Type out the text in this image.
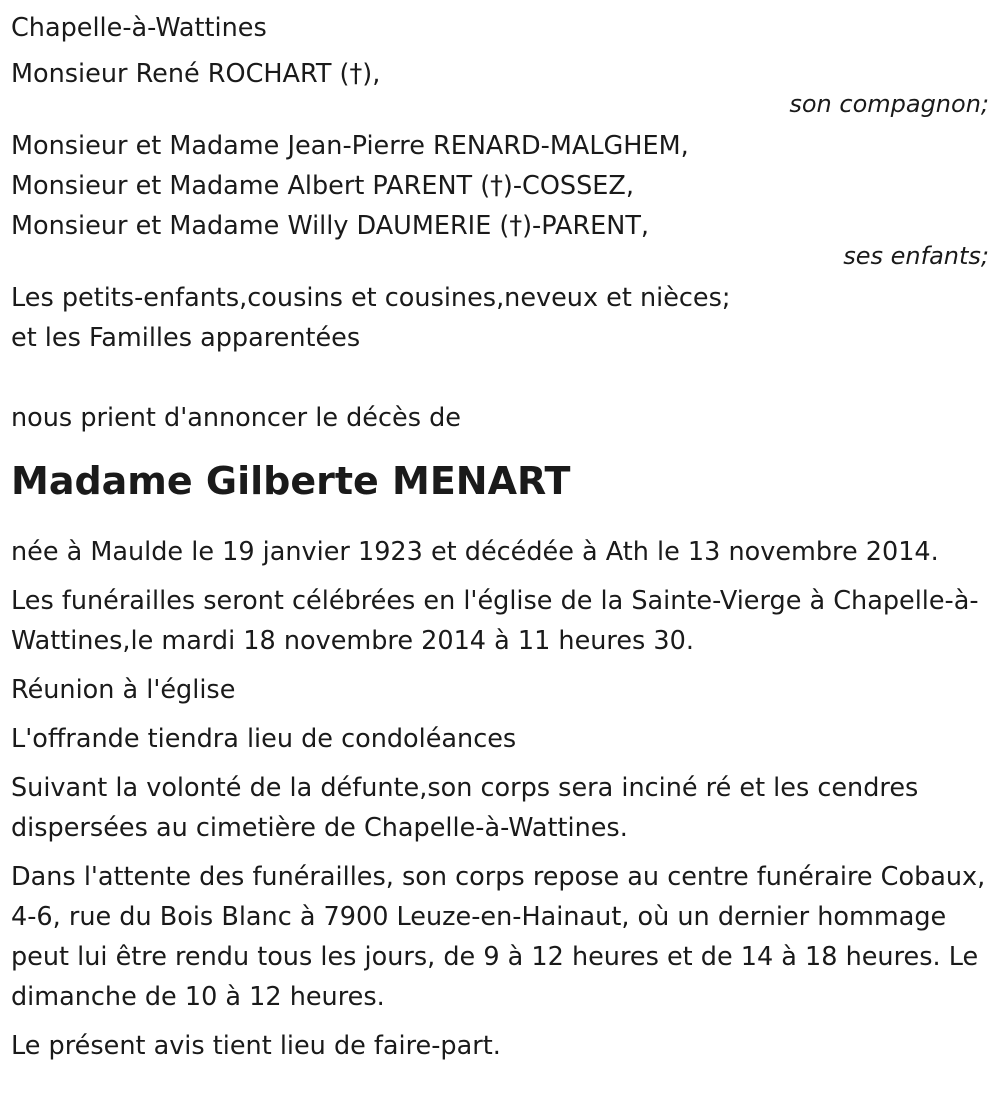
Chapelle-à-Wattines
Monsieur René ROCHART (†),
son compagnon;
Monsieur et Madame Jean-Pierre RENARD-MALGHEM,
Monsieur et Madame Albert PARENT (†)-COSSEZ,
Monsieur et Madame Willy DAUMERIE (†)-PARENT,
ses enfants;
Les petits-enfants,cousins et cousines,neveux et nièces;
et les Familles apparentées
nous prient d'annoncer le décès de
Madame Gilberte MENART
née à Maulde le 19 janvier 1923 et décédée à Ath le 13 novembre 2014.
Les funérailles seront célébrées en l'église de la Sainte-Vierge à Chapelle-à-Wattines,le mardi 18 novembre 2014 à 11 heures 30.
Réunion à l'église
L'offrande tiendra lieu de condoléances
Suivant la volonté de la défunte,son corps sera inciné ré et les cendres dispersées au cimetière de Chapelle-à-Wattines.
Dans l'attente des funérailles, son corps repose au centre funéraire Cobaux, 4-6, rue du Bois Blanc à 7900 Leuze-en-Hainaut, où un dernier hommage peut lui être rendu tous les jours, de 9 à 12 heures et de 14 à 18 heures. Le dimanche de 10 à 12 heures.
Le présent avis tient lieu de faire-part.
